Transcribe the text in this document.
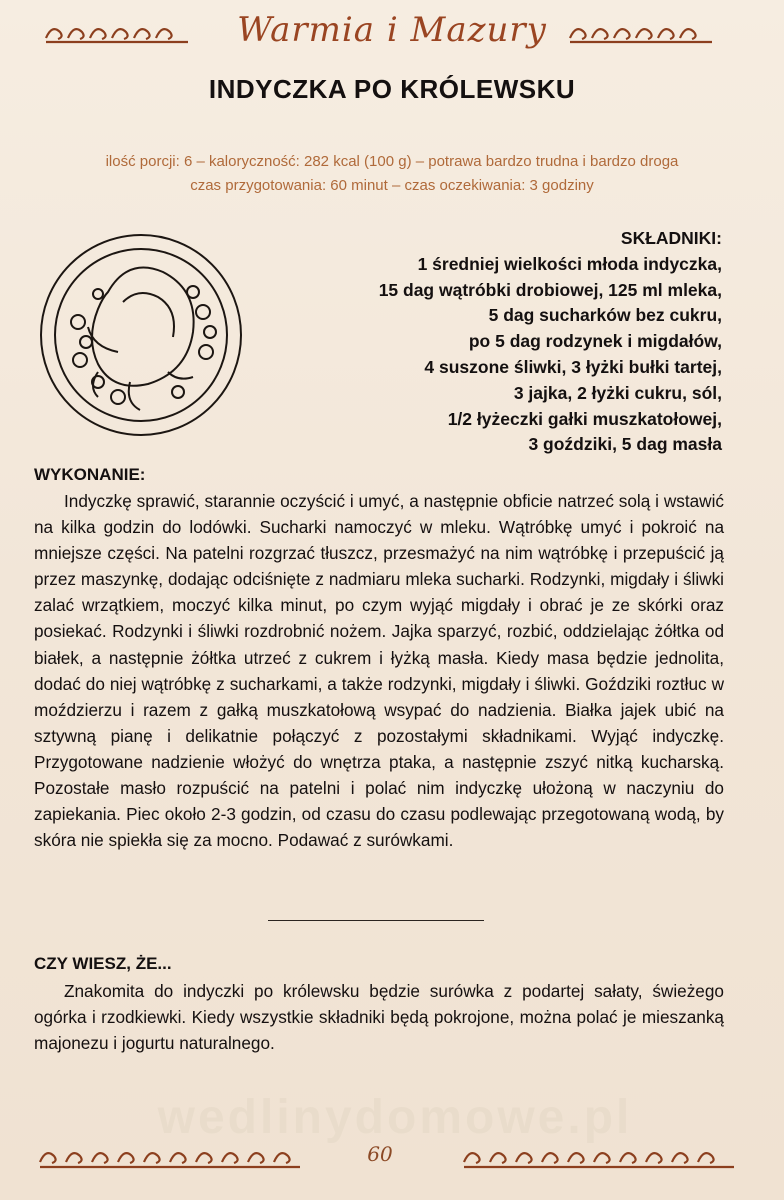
Warmia i Mazury
INDYCZKA PO KRÓLEWSKU
ilość porcji: 6 – kaloryczność: 282 kcal (100 g) – potrawa bardzo trudna i bardzo droga
czas przygotowania: 60 minut – czas oczekiwania: 3 godziny
SKŁADNIKI:
1 średniej wielkości młoda indyczka,
15 dag wątróbki drobiowej, 125 ml mleka,
5 dag sucharków bez cukru,
po 5 dag rodzynek i migdałów,
4 suszone śliwki, 3 łyżki bułki tartej,
3 jajka, 2 łyżki cukru, sól,
1/2 łyżeczki gałki muszkatołowej,
3 goździki, 5 dag masła
WYKONANIE:
Indyczkę sprawić, starannie oczyścić i umyć, a następnie obficie natrzeć solą i wstawić na kilka godzin do lodówki. Sucharki namoczyć w mleku. Wątróbkę umyć i pokroić na mniejsze części. Na patelni rozgrzać tłuszcz, przesmażyć na nim wątróbkę i przepuścić ją przez maszynkę, dodając odciśnięte z nadmiaru mleka sucharki. Rodzynki, migdały i śliwki zalać wrzątkiem, moczyć kilka minut, po czym wyjąć migdały i obrać je ze skórki oraz posiekać. Rodzynki i śliwki rozdrobnić nożem. Jajka sparzyć, rozbić, oddzielając żółtka od białek, a następnie żółtka utrzeć z cukrem i łyżką masła. Kiedy masa będzie jednolita, dodać do niej wątróbkę z sucharkami, a także rodzynki, migdały i śliwki. Goździki roztłuc w moździerzu i razem z gałką muszkatołową wsypać do nadzienia. Białka jajek ubić na sztywną pianę i delikatnie połączyć z pozostałymi składnikami. Wyjąć indyczkę. Przygotowane nadzienie włożyć do wnętrza ptaka, a następnie zszyć nitką kucharską. Pozostałe masło rozpuścić na patelni i polać nim indyczkę ułożoną w naczyniu do zapiekania. Piec około 2-3 godzin, od czasu do czasu podlewając przegotowaną wodą, by skóra nie spiekła się za mocno. Podawać z surówkami.
CZY WIESZ, ŻE...
Znakomita do indyczki po królewsku będzie surówka z podartej sałaty, świeżego ogórka i rzodkiewki. Kiedy wszystkie składniki będą pokrojone, można polać je mieszanką majonezu i jogurtu naturalnego.
wedlinydomowe.pl
60
